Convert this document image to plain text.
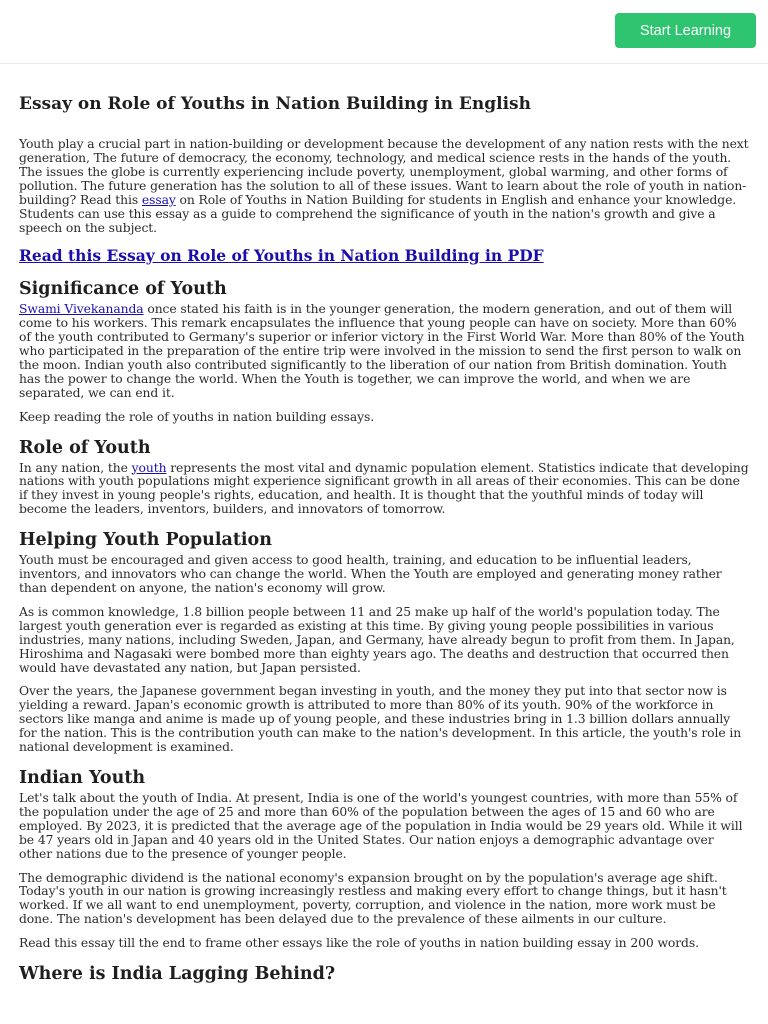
Start Learning
Essay on Role of Youths in Nation Building in English

Youth play a crucial part in nation-building or development because the development of any nation rests with the next generation, The future of democracy, the economy, technology, and medical science rests in the hands of the youth. The issues the globe is currently experiencing include poverty, unemployment, global warming, and other forms of pollution. The future generation has the solution to all of these issues. Want to learn about the role of youth in nation-building? Read this essay on Role of Youths in Nation Building for students in English and enhance your knowledge. Students can use this essay as a guide to comprehend the significance of youth in the nation's growth and give a speech on the subject.

Read this Essay on Role of Youths in Nation Building in PDF
Significance of Youth

Swami Vivekananda once stated his faith is in the younger generation, the modern generation, and out of them will come to his workers. This remark encapsulates the influence that young people can have on society. More than 60% of the youth contributed to Germany's superior or inferior victory in the First World War. More than 80% of the Youth who participated in the preparation of the entire trip were involved in the mission to send the first person to walk on the moon. Indian youth also contributed significantly to the liberation of our nation from British domination. Youth has the power to change the world. When the Youth is together, we can improve the world, and when we are separated, we can end it.

Keep reading the role of youths in nation building essays.

Role of Youth

In any nation, the youth represents the most vital and dynamic population element. Statistics indicate that developing nations with youth populations might experience significant growth in all areas of their economies. This can be done if they invest in young people's rights, education, and health. It is thought that the youthful minds of today will become the leaders, inventors, builders, and innovators of tomorrow.

Helping Youth Population

Youth must be encouraged and given access to good health, training, and education to be influential leaders, inventors, and innovators who can change the world. When the Youth are employed and generating money rather than dependent on anyone, the nation's economy will grow.

As is common knowledge, 1.8 billion people between 11 and 25 make up half of the world's population today. The largest youth generation ever is regarded as existing at this time. By giving young people possibilities in various industries, many nations, including Sweden, Japan, and Germany, have already begun to profit from them. In Japan, Hiroshima and Nagasaki were bombed more than eighty years ago. The deaths and destruction that occurred then would have devastated any nation, but Japan persisted.

Over the years, the Japanese government began investing in youth, and the money they put into that sector now is yielding a reward. Japan's economic growth is attributed to more than 80% of its youth. 90% of the workforce in sectors like manga and anime is made up of young people, and these industries bring in 1.3 billion dollars annually for the nation. This is the contribution youth can make to the nation's development. In this article, the youth's role in national development is examined.

Indian Youth

Let's talk about the youth of India. At present, India is one of the world's youngest countries, with more than 55% of the population under the age of 25 and more than 60% of the population between the ages of 15 and 60 who are employed. By 2023, it is predicted that the average age of the population in India would be 29 years old. While it will be 47 years old in Japan and 40 years old in the United States. Our nation enjoys a demographic advantage over other nations due to the presence of younger people.

The demographic dividend is the national economy's expansion brought on by the population's average age shift. Today's youth in our nation is growing increasingly restless and making every effort to change things, but it hasn't worked. If we all want to end unemployment, poverty, corruption, and violence in the nation, more work must be done. The nation's development has been delayed due to the prevalence of these ailments in our culture.

Read this essay till the end to frame other essays like the role of youths in nation building essay in 200 words.

Where is India Lagging Behind?
